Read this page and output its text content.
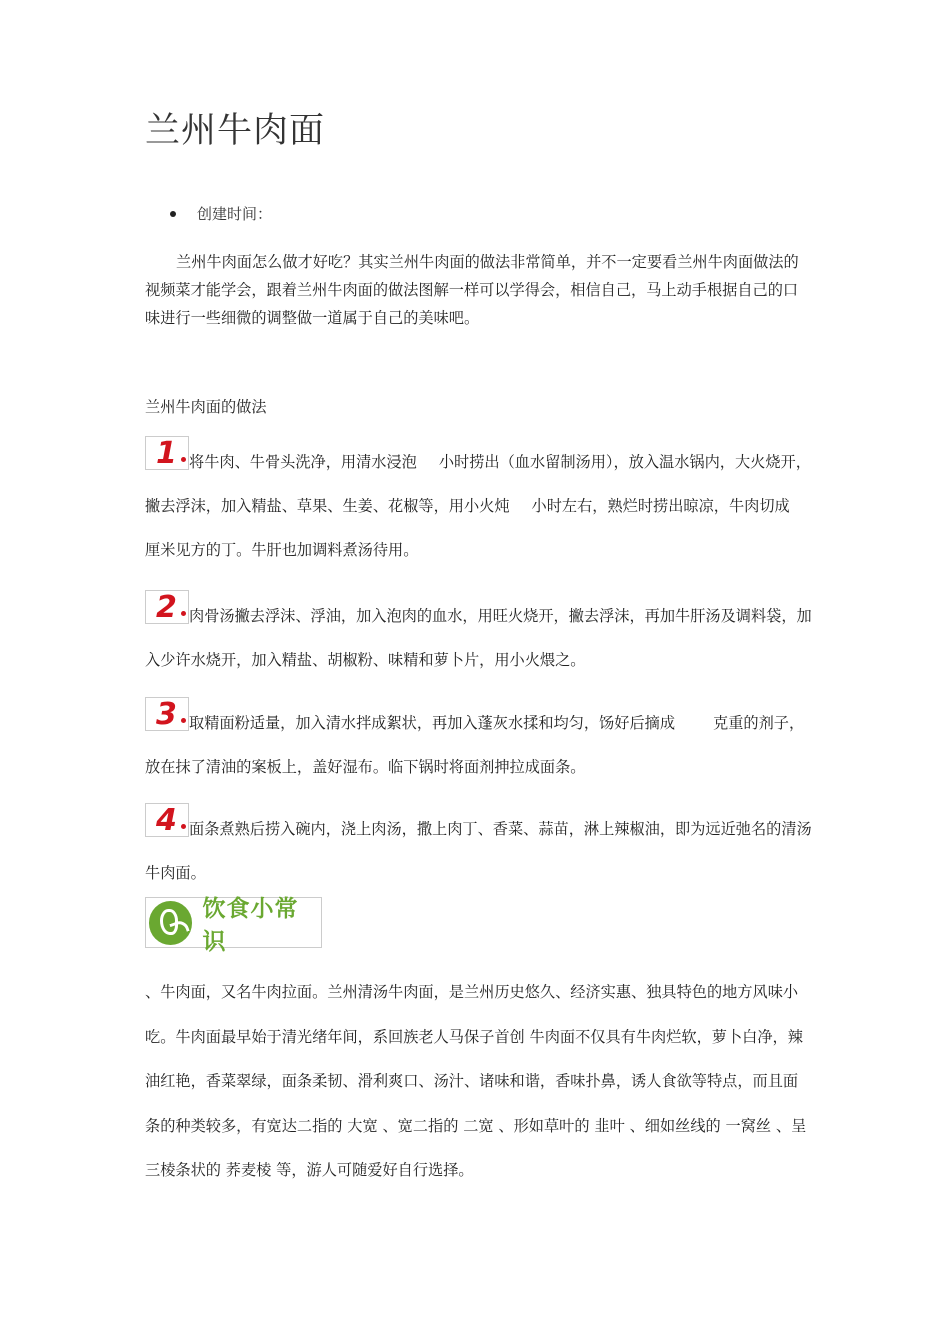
兰州牛肉面
创建时间：

兰州牛肉面怎么做才好吃？其实兰州牛肉面的做法非常简单，并不一定要看兰州牛肉面做法的视频菜才能学会，跟着兰州牛肉面的做法图解一样可以学得会，相信自己，马上动手根据自己的口味进行一些细微的调整做一道属于自己的美味吧。

兰州牛肉面的做法

1 将牛肉、牛骨头洗净，用清水浸泡 小时捞出（血水留制汤用），放入温水锅内，大火烧开，撇去浮沫，加入精盐、草果、生姜、花椒等，用小火炖 小时左右，熟烂时捞出晾凉，牛肉切成厘米见方的丁。牛肝也加调料煮汤待用。

2 肉骨汤撇去浮沫、浮油，加入泡肉的血水，用旺火烧开，撇去浮沫，再加牛肝汤及调料袋，加入少许水烧开，加入精盐、胡椒粉、味精和萝卜片，用小火煨之。

3 取精面粉适量，加入清水拌成絮状，再加入蓬灰水揉和均匀，饧好后摘成	克重的剂子，放在抹了清油的案板上，盖好湿布。临下锅时将面剂抻拉成面条。

4 面条煮熟后捞入碗内，浇上肉汤，撒上肉丁、香菜、蒜苗，淋上辣椒油，即为远近弛名的清汤牛肉面。

饮食小常识

、牛肉面，又名牛肉拉面。兰州清汤牛肉面，是兰州历史悠久、经济实惠、独具特色的地方风味小吃。牛肉面最早始于清光绪年间，系回族老人马保子首创 牛肉面不仅具有牛肉烂软，萝卜白净，辣油红艳，香菜翠绿，面条柔韧、滑利爽口、汤汁、诸味和谐，香味扑鼻，诱人食欲等特点，而且面条的种类较多，有宽达二指的 大宽 、宽二指的 二宽 、形如草叶的 韭叶 、细如丝线的 一窝丝 、呈三棱条状的 荞麦棱 等，游人可随爱好自行选择。
